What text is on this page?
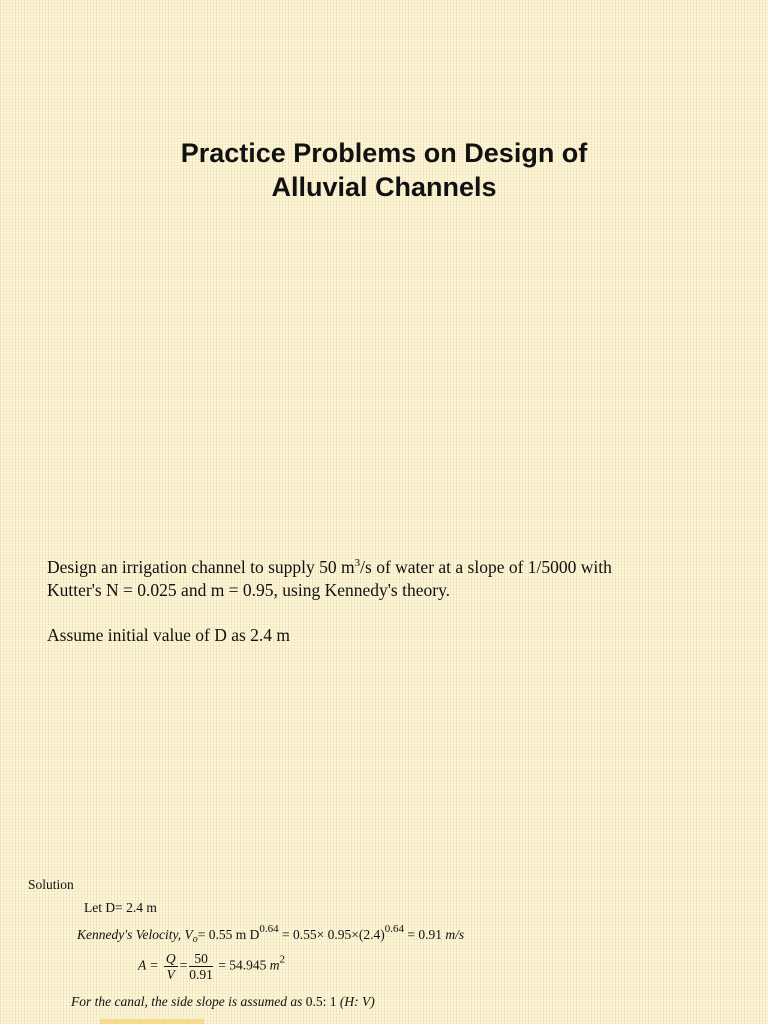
Practice Problems on Design of
Alluvial Channels

Design an irrigation channel to supply 50 $m^3/s$ of water at a slope of 1/5000 with

Kutter's N = 0.025 and m = 0.95, using Kennedy's theory.

Assume initial value of D as 2.4 m

Solution
Let D= 2.4 m
Kennedy's Velocity, $V_o= 0.55$ m $D^{0.64} = 0.55\times 0.95\times(2.4)^{0.64} = 0.91$ m/s
$A = \frac{Q}{V} = \frac{50}{0.91} = 54.945$ $m^2$
For the canal, the side slope is assumed as 0.5: 1 (H: V)
